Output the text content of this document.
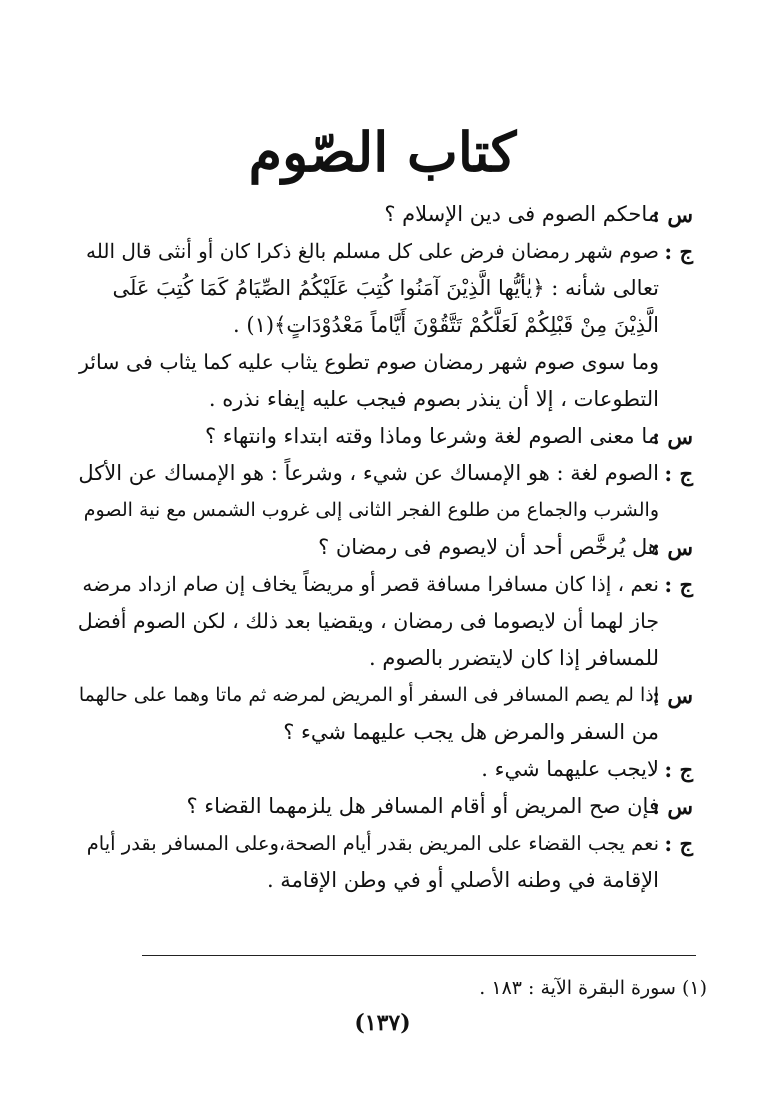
كتاب الصّوم
س :
ماحكم الصوم فى دين الإسلام ؟
ج :
صوم شهر رمضان فرض على كل مسلم بالغ ذكرا كان أو أنثى قال الله
تعالى شأنه : ﴿يٰأيُّها الَّذِيْنَ آمَنُوا كُتِبَ عَلَيْكُمُ الصِّيَامُ كَمَا كُتِبَ عَلَى
الَّذِيْنَ مِنْ قَبْلِكُمْ لَعَلَّكُمْ تَتَّقُوْنَ أَيَّاماً مَعْدُوْدَاتٍ﴾(١) .
وما سوى صوم شهر رمضان صوم تطوع يثاب عليه كما يثاب فى سائر
التطوعات ، إلا أن ينذر بصوم فيجب عليه إيفاء نذره .
س :
ما معنى الصوم لغة وشرعا وماذا وقته ابتداء وانتهاء ؟
ج :
الصوم لغة : هو الإمساك عن شيء ، وشرعاً : هو الإمساك عن الأكل
والشرب والجماع من طلوع الفجر الثانى إلى غروب الشمس مع نية الصوم
س :
هل يُرخَّص أحد أن لايصوم فى رمضان ؟
ج :
نعم ، إذا كان مسافرا مسافة قصر أو مريضاً يخاف إن صام ازداد مرضه
جاز لهما أن لايصوما فى رمضان ، ويقضيا بعد ذلك ، لكن الصوم أفضل
للمسافر إذا كان لايتضرر بالصوم .
س :
إذا لم يصم المسافر فى السفر أو المريض لمرضه ثم ماتا وهما على حالهما
من السفر والمرض هل يجب عليهما شيء ؟
ج :
لايجب عليهما شيء .
س :
فإن صح المريض أو أقام المسافر هل يلزمهما القضاء ؟
ج :
نعم يجب القضاء على المريض بقدر أيام الصحة،وعلى المسافر بقدر أيام
الإقامة في وطنه الأصلي أو في وطن الإقامة .
(١) سورة البقرة الآية : ١٨٣ .
(١٣٧)
